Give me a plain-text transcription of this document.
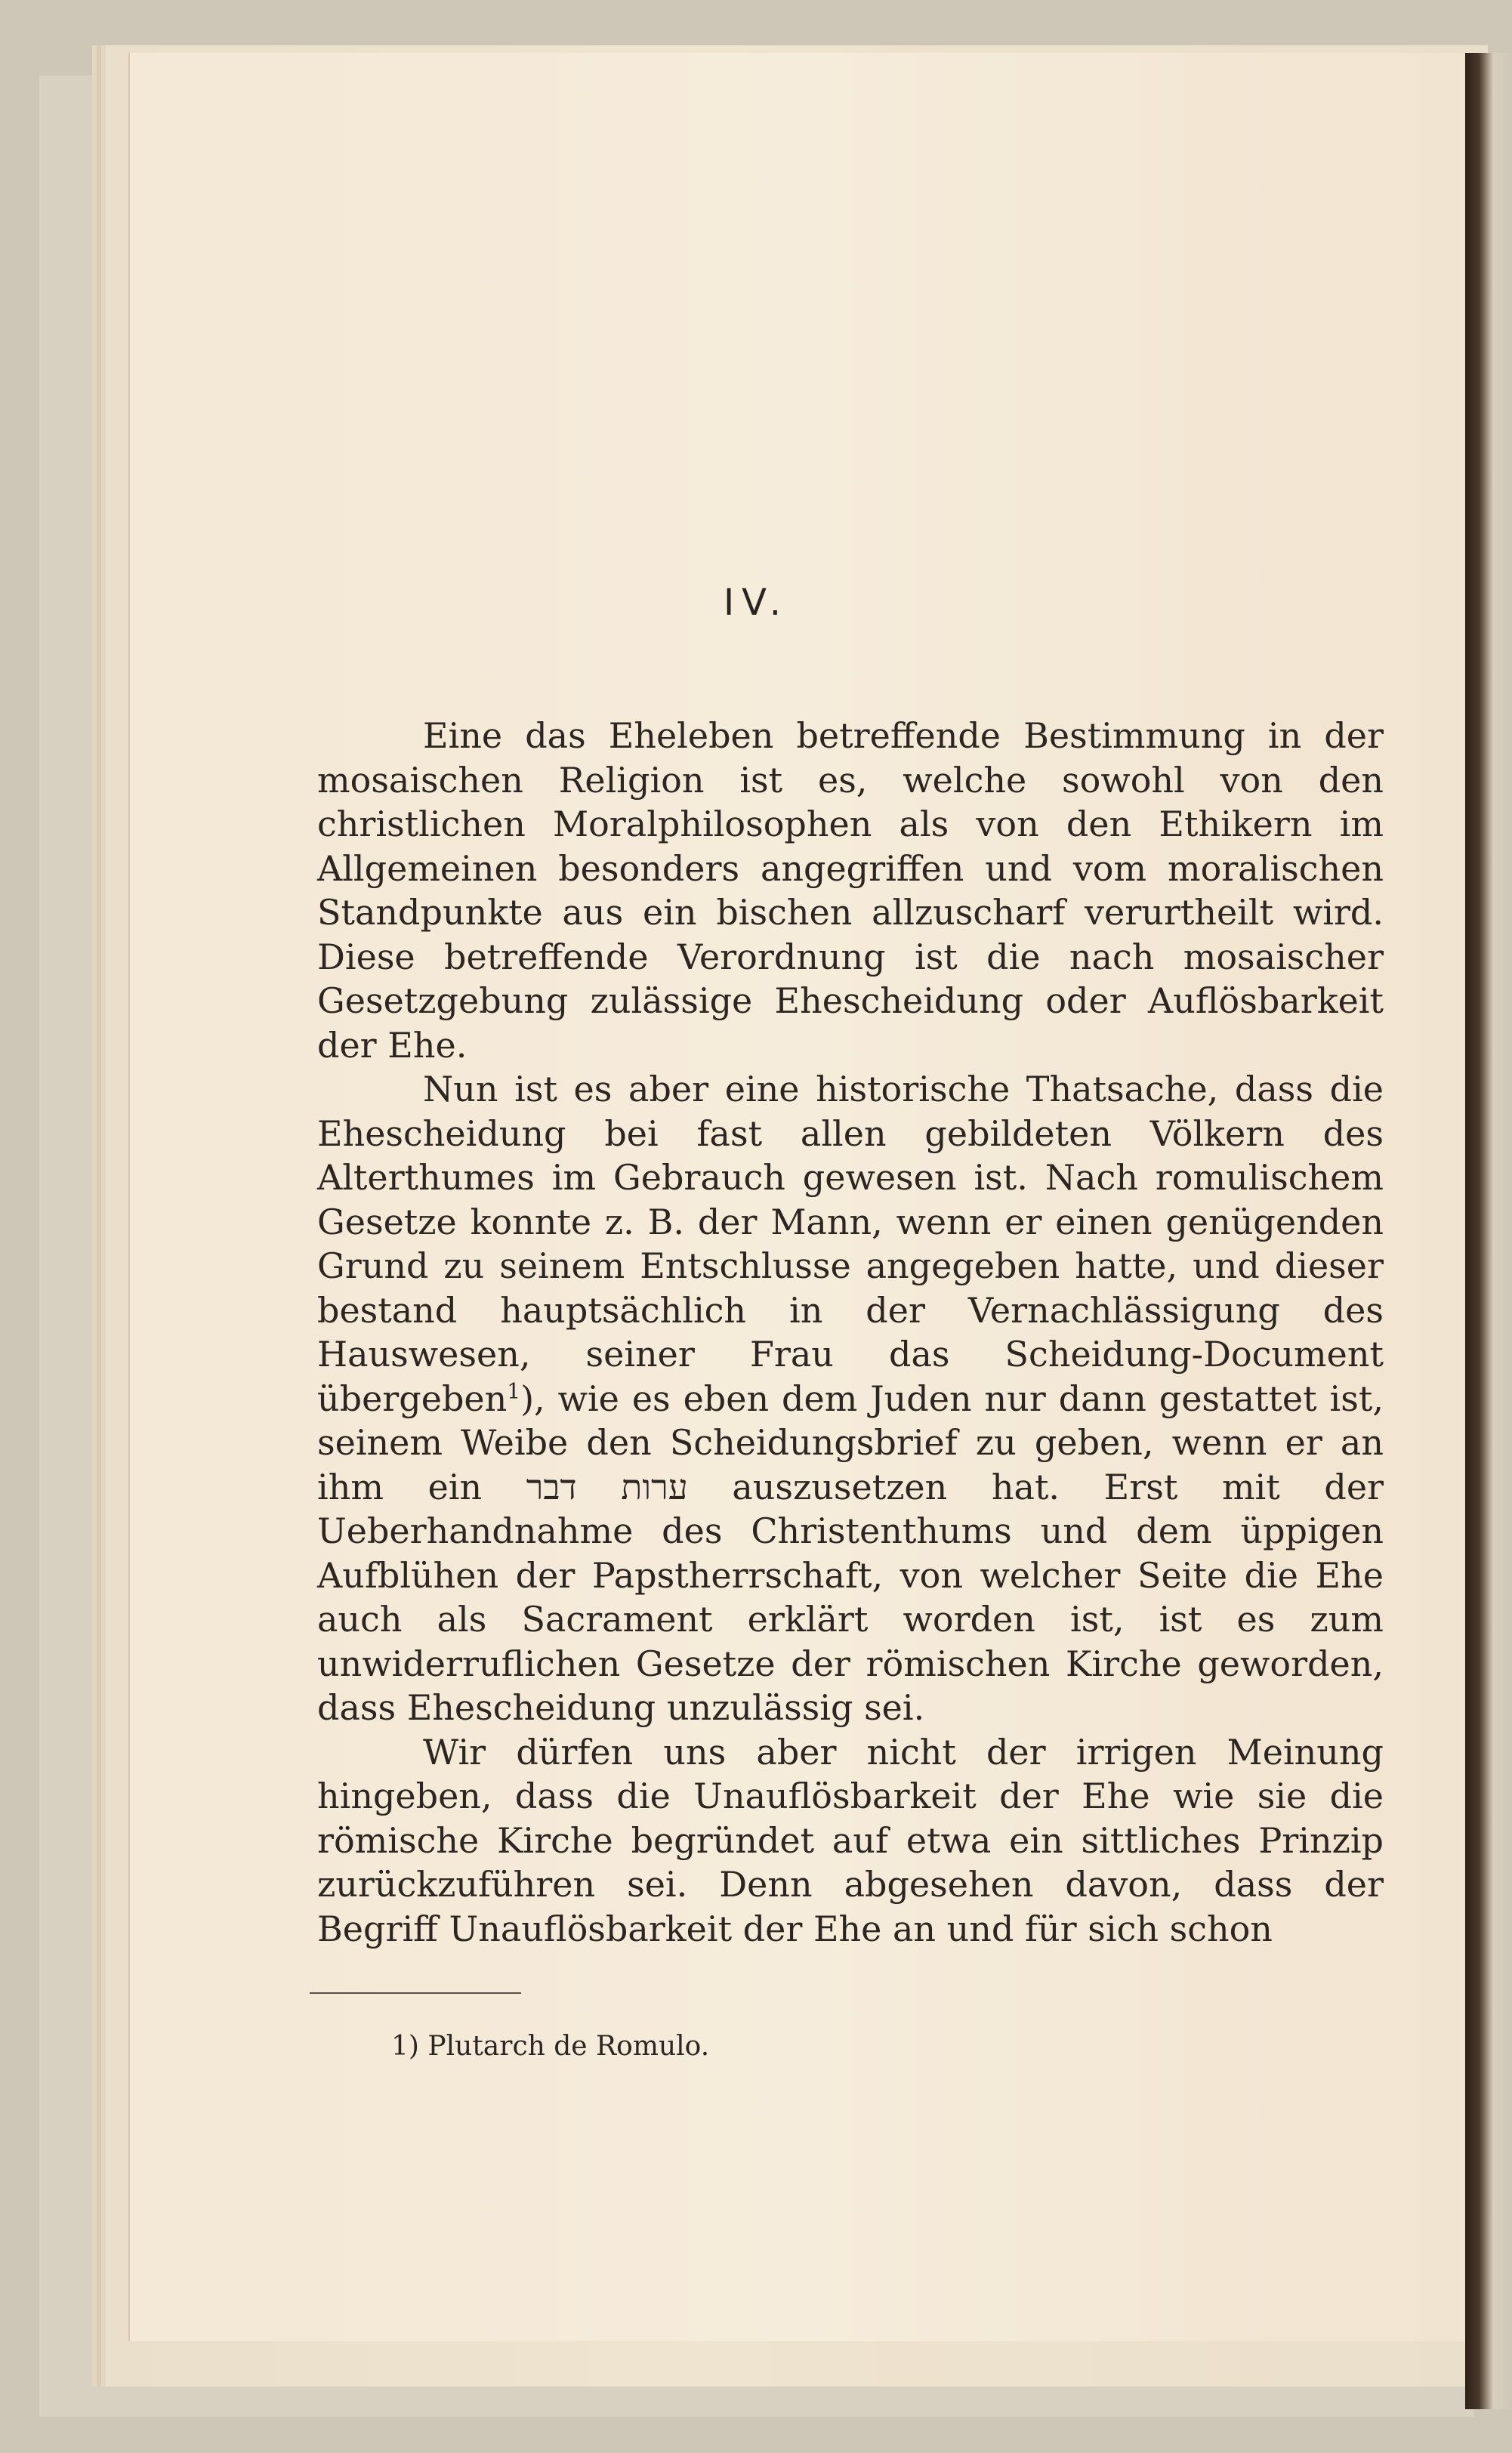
IV.

Eine das Eheleben betreffende Bestimmung in der mosaischen Religion ist es, welche sowohl von den christlichen Moralphilosophen als von den Ethikern im Allgemeinen besonders angegriffen und vom moralischen Standpunkte aus ein bischen allzuscharf verurtheilt wird. Diese betreffende Verordnung ist die nach mosaischer Gesetzgebung zulässige Ehescheidung oder Auflösbarkeit der Ehe.

Nun ist es aber eine historische Thatsache, dass die Ehescheidung bei fast allen gebildeten Völkern des Alterthumes im Gebrauch gewesen ist. Nach romulischem Gesetze konnte z. B. der Mann, wenn er einen genügenden Grund zu seinem Entschlusse angegeben hatte, und dieser bestand hauptsächlich in der Vernachlässigung des Hauswesen, seiner Frau das Scheidung-Document übergeben$^1$), wie es eben dem Juden nur dann gestattet ist, seinem Weibe den Scheidungsbrief zu geben, wenn er an ihm ein ערות דבר auszusetzen hat. Erst mit der Ueberhandnahme des Christenthums und dem üppigen Aufblühen der Papstherrschaft, von welcher Seite die Ehe auch als Sacrament erklärt worden ist, ist es zum unwiderruflichen Gesetze der römischen Kirche geworden, dass Ehescheidung unzulässig sei.

Wir dürfen uns aber nicht der irrigen Meinung hingeben, dass die Unauflösbarkeit der Ehe wie sie die römische Kirche begründet auf etwa ein sittliches Prinzip zurückzuführen sei. Denn abgesehen davon, dass der Begriff Unauflösbarkeit der Ehe an und für sich schon

1) Plutarch de Romulo.
